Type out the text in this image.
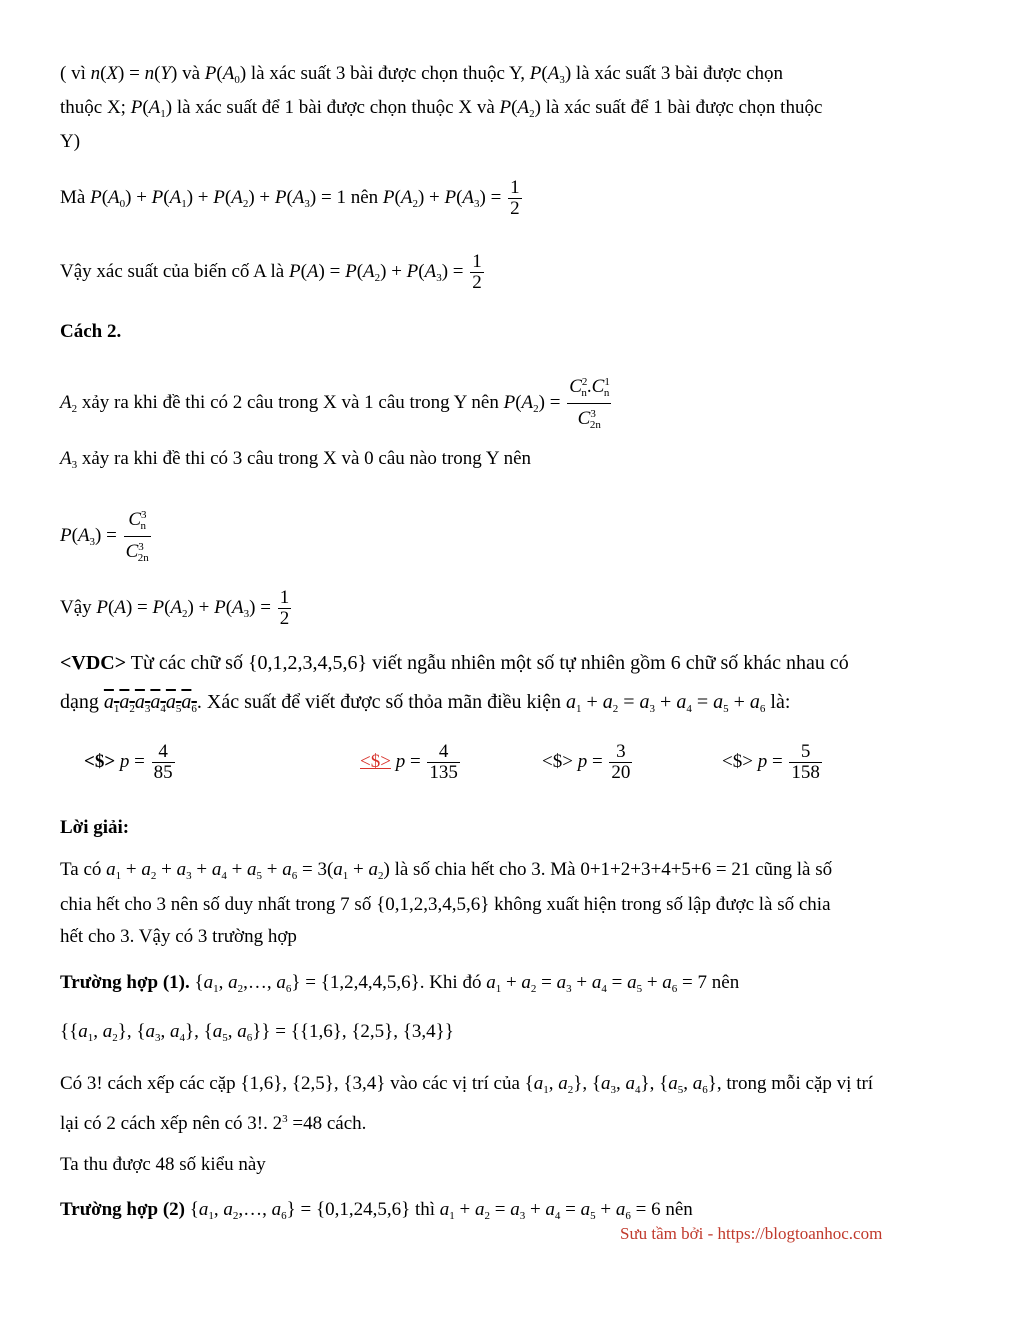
( vì n(X) = n(Y) và $P(A_0)$ là xác suất 3 bài được chọn thuộc Y, $P(A_3)$ là xác suất 3 bài được chọn
thuộc X; $P(A_1)$ là xác suất để 1 bài được chọn thuộc X và $P(A_2)$ là xác suất để 1 bài được chọn thuộc
Y)
Mà $P(A_0) + P(A_1) + P(A_2) + P(A_3) = 1$ nên $P(A_2) + P(A_3) = \frac{1}{2}$
Vậy xác suất của biến cố A là $P(A) = P(A_2) + P(A_3) = \frac{1}{2}$
Cách 2.
$A_2$ xảy ra khi đề thi có 2 câu trong X và 1 câu trong Y nên $P(A_2) = \frac{C^2_n.C^1_n}{C^3_{2n}}$
$A_3$ xảy ra khi đề thi có 3 câu trong X và 0 câu nào trong Y nên
$P(A_3) = \frac{C^3_n}{C^3_{2n}}$
Vậy $P(A) = P(A_2) + P(A_3) = \frac{1}{2}$
<VDC> Từ các chữ số {0,1,2,3,4,5,6} viết ngẫu nhiên một số tự nhiên gồm 6 chữ số khác nhau có
dạng $a_1a_2a_3a_4a_5a_6$. Xác suất để viết được số thỏa mãn điều kiện $a_1 + a_2 = a_3 + a_4 = a_5 + a_6$ là:
<$> $p = \frac{4}{85}$	<$> $p = \frac{4}{135}$	<$> $p = \frac{3}{20}$	<$> $p = \frac{5}{158}$
Lời giải:
Ta có $a_1 + a_2 + a_3 + a_4 + a_5 + a_6 = 3(a_1 + a_2)$ là số chia hết cho 3. Mà 0+1+2+3+4+5+6 = 21 cũng là số
chia hết cho 3 nên số duy nhất trong 7 số {0,1,2,3,4,5,6} không xuất hiện trong số lập được là số chia
hết cho 3. Vậy có 3 trường hợp
Trường hợp (1). {$a_1$, $a_2,\dots$, $a_6\} = \{1,2,4,4,5,6\}$. Khi đó $a_1 + a_2 = a_3 + a_4 = a_5 + a_6 = 7$ nên
{{$a_1$, $a_2$}, {$a_3$, $a_4$}, {$a_5$, $a_6\}\} = \{\{1,6\}$, {2,5}, {3,4}}
Có 3! cách xếp các cặp {1,6}, {2,5}, {3,4} vào các vị trí của {$a_1$, $a_2$}, {$a_3$, $a_4$}, {$a_5$, $a_6$}, trong mỗi cặp vị trí
lại có 2 cách xếp nên có 3!. $2^3 =48$ cách.
Ta thu được 48 số kiểu này
Trường hợp (2) {$a_1$, $a_2,\dots$, $a_6\} = \{0,1,24,5,6\}$ thì $a_1 + a_2 = a_3 + a_4 = a_5 + a_6 = 6$ nên
Sưu tầm bởi - https://blogtoanhoc.com
